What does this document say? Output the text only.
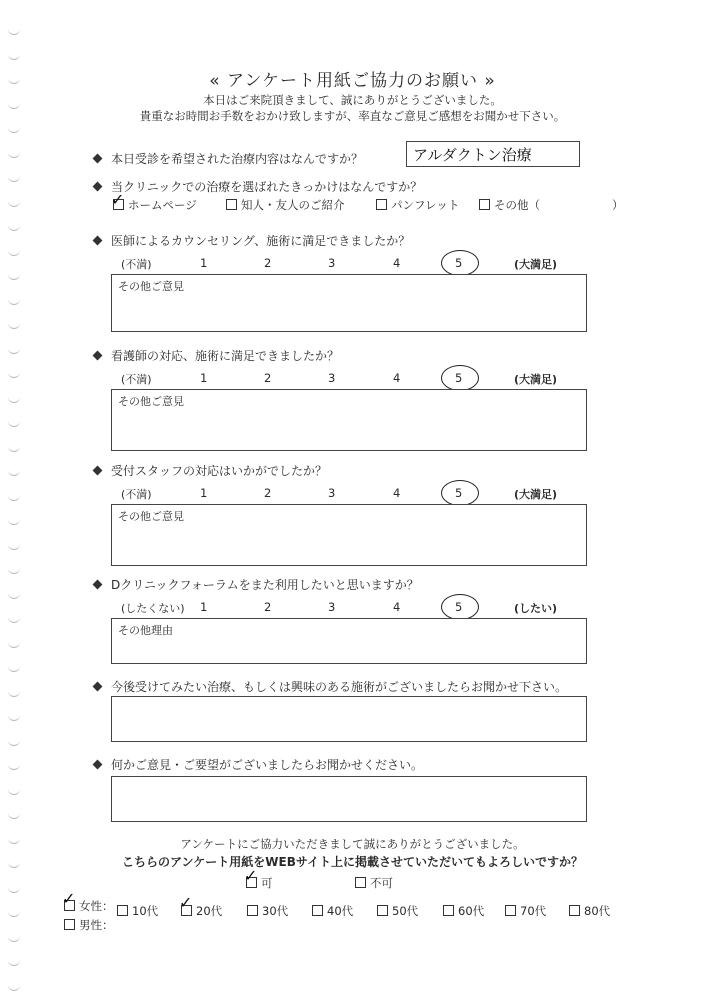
« アンケート用紙ご協力のお願い »
本日はご来院頂きまして、誠にありがとうございました。
貴重なお時間お手数をおかけ致しますが、率直なご意見ご感想をお聞かせ下さい。
本日受診を希望された治療内容はなんですか？	アルダクトン治療
当クリニックでの治療を選ばれたきっかけはなんですか？
ホームページ
✓	知人・友人のご紹介	パンフレット	その他（	）
医師によるカウンセリング、施術に満足できましたか？
(不満)	1	2	3	4	5	(大満足)
その他ご意見
看護師の対応、施術に満足できましたか？
(不満)	1	2	3	4	5	(大満足)
その他ご意見
受付スタッフの対応はいかがでしたか？
(不満)	1	2	3	4	5	(大満足)
その他ご意見
Dクリニックフォーラムをまた利用したいと思いますか？
(したくない) 1	2	3	4	5	(したい)
その他理由
今後受けてみたい治療、もしくは興味のある施術がございましたらお聞かせ下さい。
何かご意見・ご要望がございましたらお聞かせください。
アンケートにご協力いただきまして誠にありがとうございました。
こちらのアンケート用紙をWEBサイト上に掲載させていただいてもよろしいですか？
可
✓	不可
女性：
✓
男性：
10代	20代
✓	30代	40代	50代	60代	70代	80代
